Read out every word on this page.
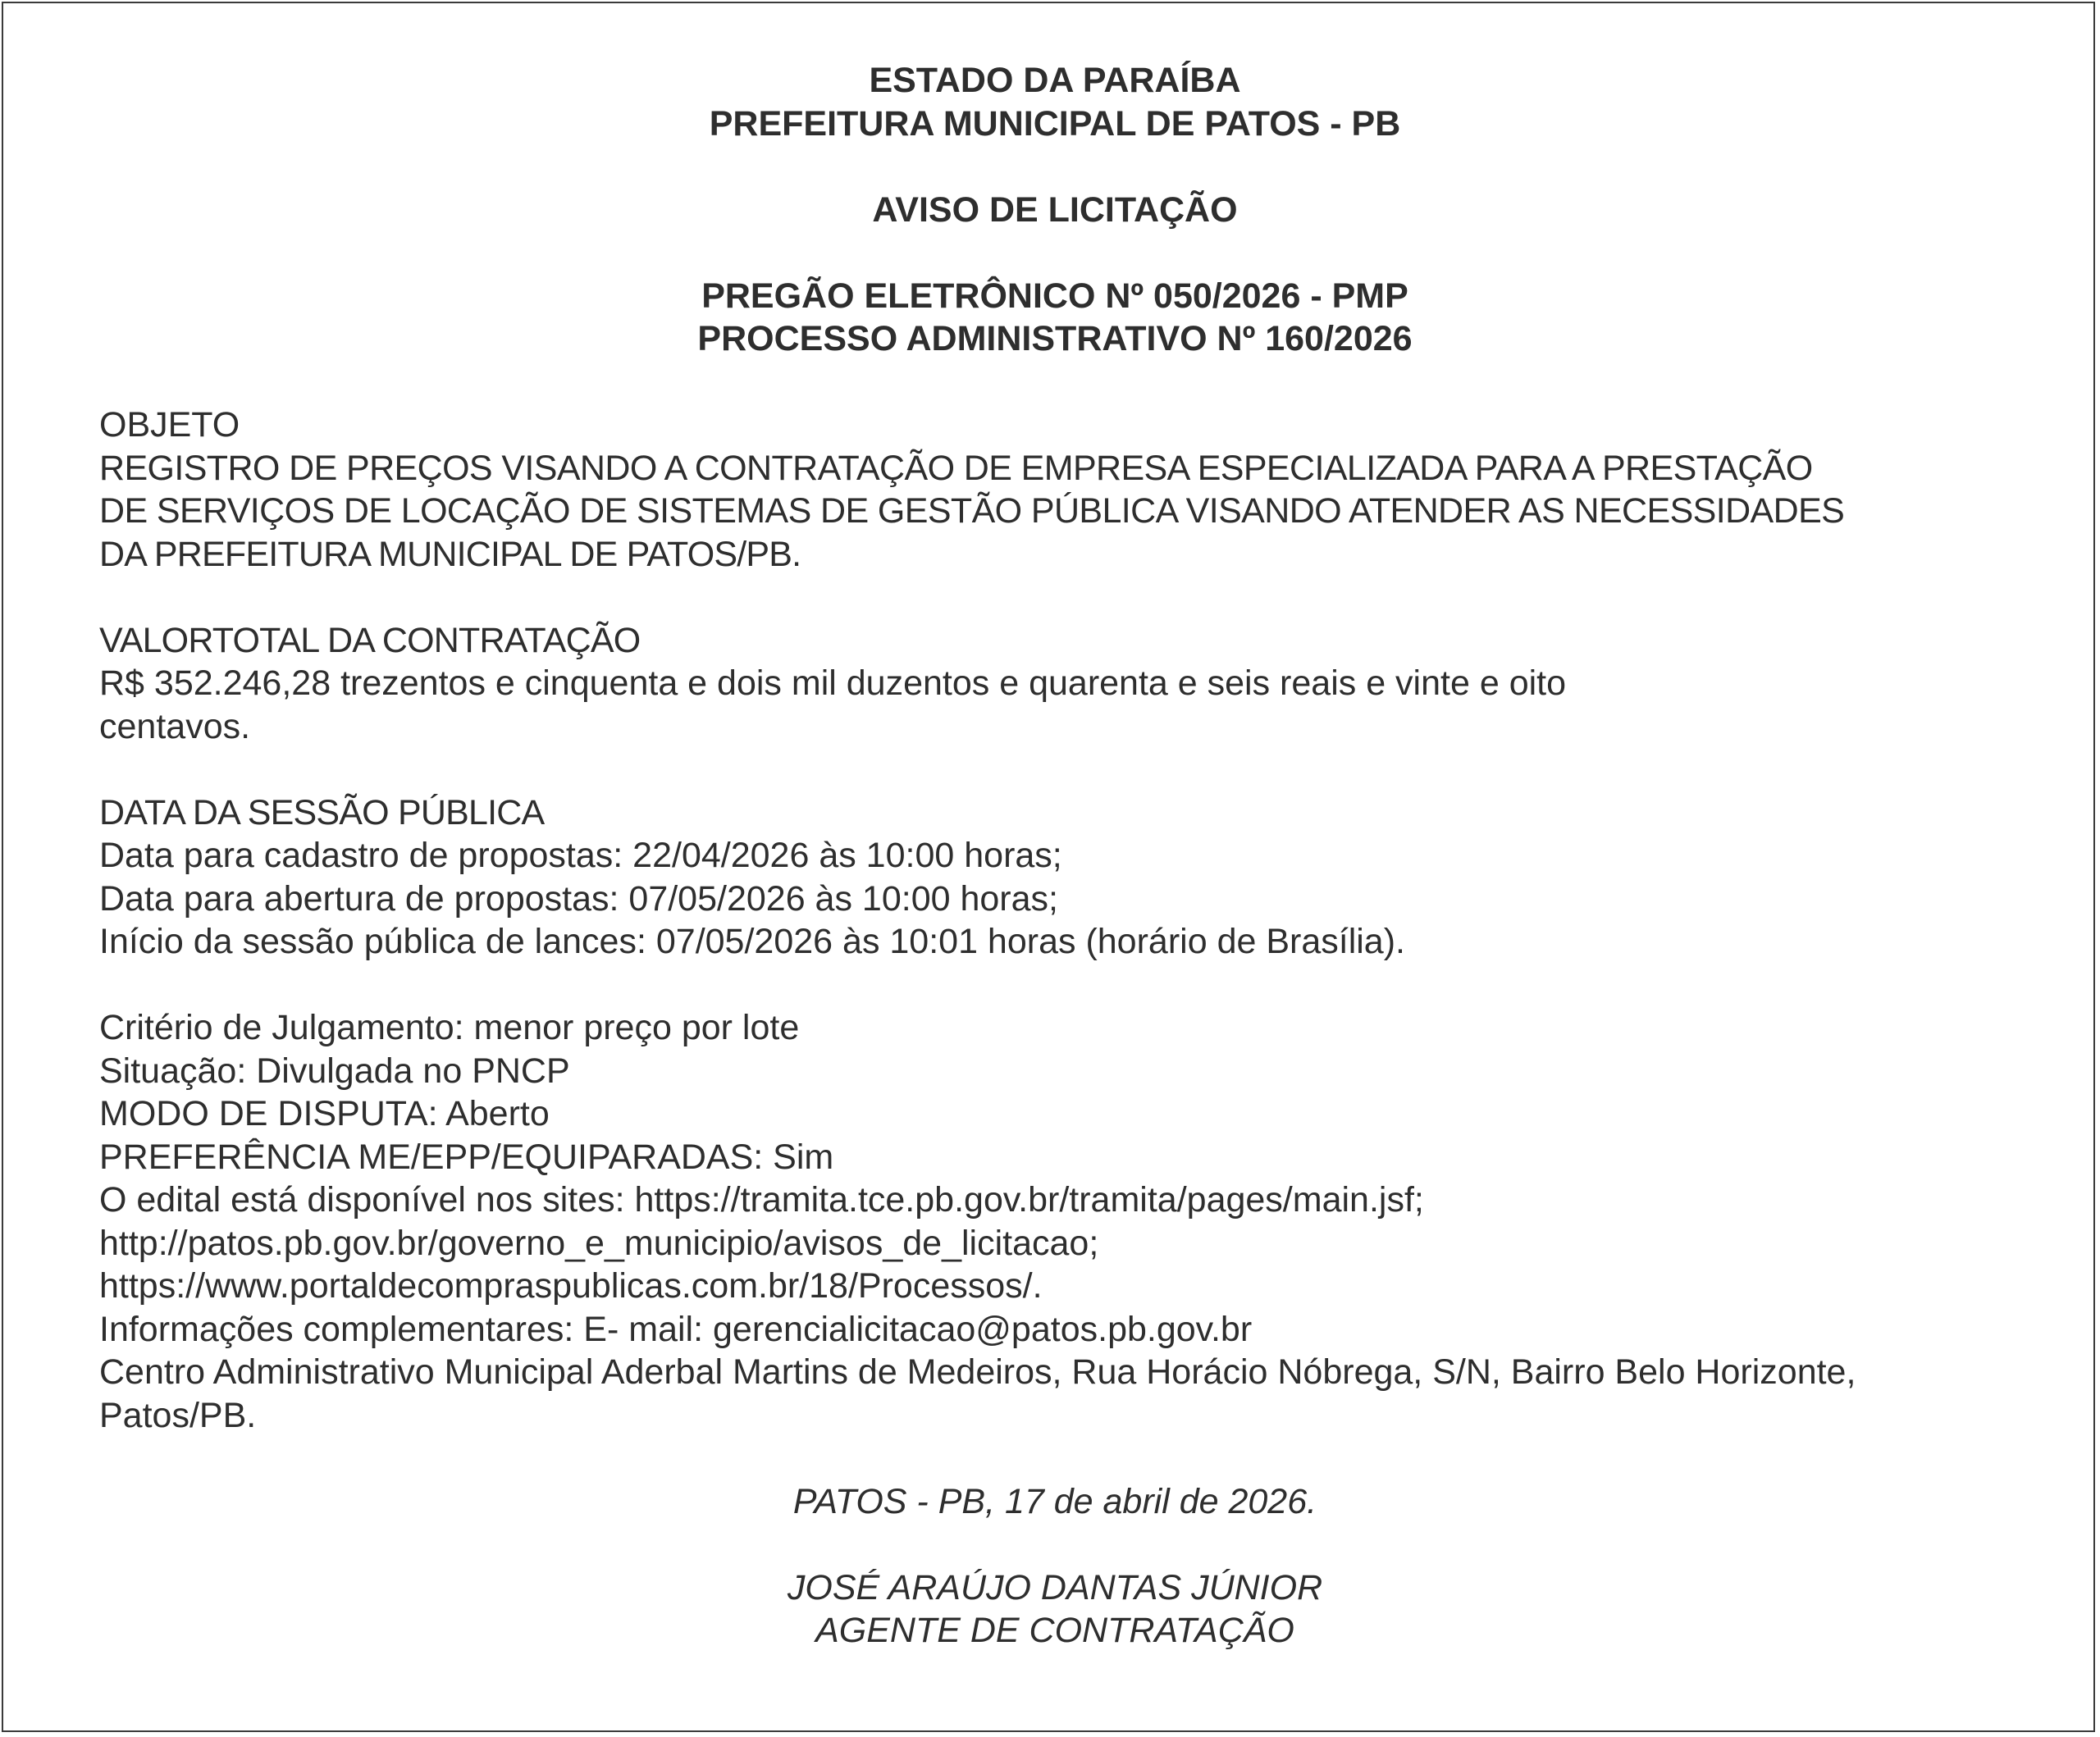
ESTADO DA PARAÍBA
PREFEITURA MUNICIPAL DE PATOS - PB
AVISO DE LICITAÇÃO
PREGÃO ELETRÔNICO Nº 050/2026 - PMP
PROCESSO ADMINISTRATIVO Nº 160/2026
OBJETO
REGISTRO DE PREÇOS VISANDO A CONTRATAÇÃO DE EMPRESA ESPECIALIZADA PARA A PRESTAÇÃO
DE SERVIÇOS DE LOCAÇÃO DE SISTEMAS DE GESTÃO PÚBLICA VISANDO ATENDER AS NECESSIDADES
DA PREFEITURA MUNICIPAL DE PATOS/PB.
VALORTOTAL DA CONTRATAÇÃO
R$ 352.246,28 trezentos e cinquenta e dois mil duzentos e quarenta e seis reais e vinte e oito
centavos.
DATA DA SESSÃO PÚBLICA
Data para cadastro de propostas: 22/04/2026 às 10:00 horas;
Data para abertura de propostas: 07/05/2026 às 10:00 horas;
Início da sessão pública de lances: 07/05/2026 às 10:01 horas (horário de Brasília).
Critério de Julgamento: menor preço por lote
Situação: Divulgada no PNCP
MODO DE DISPUTA: Aberto
PREFERÊNCIA ME/EPP/EQUIPARADAS: Sim
O edital está disponível nos sites: https://tramita.tce.pb.gov.br/tramita/pages/main.jsf;
http://patos.pb.gov.br/governo_e_municipio/avisos_de_licitacao;
https://www.portaldecompraspublicas.com.br/18/Processos/.
Informações complementares: E- mail: gerencialicitacao@patos.pb.gov.br
Centro Administrativo Municipal Aderbal Martins de Medeiros, Rua Horácio Nóbrega, S/N, Bairro Belo Horizonte,
Patos/PB.
PATOS - PB, 17 de abril de 2026.
JOSÉ ARAÚJO DANTAS JÚNIOR
AGENTE DE CONTRATAÇÃO
